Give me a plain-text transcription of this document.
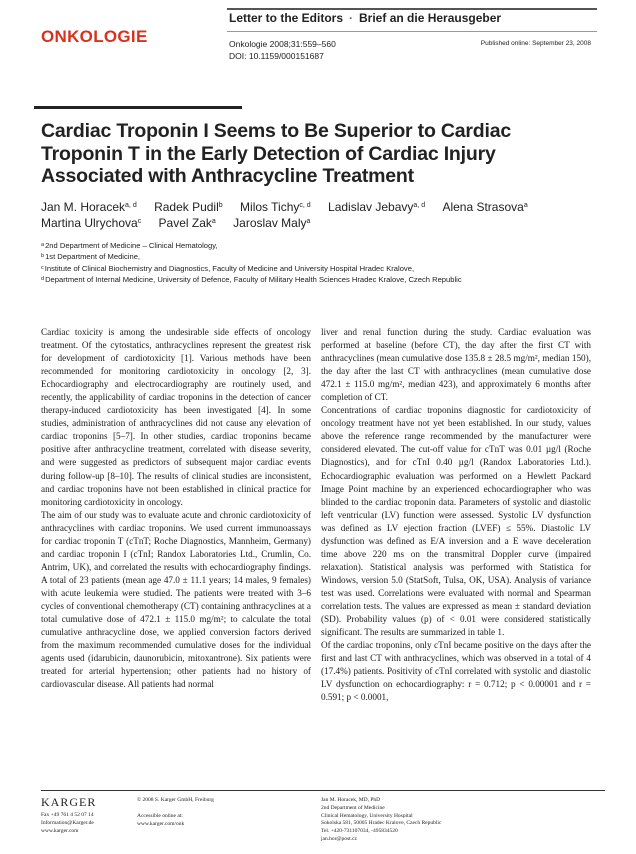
ONKOLOGIE
Letter to the Editors · Brief an die Herausgeber
Onkologie 2008;31:559–560
DOI: 10.1159/000151687
Published online: September 23, 2008
Cardiac Troponin I Seems to Be Superior to Cardiac Troponin T in the Early Detection of Cardiac Injury Associated with Anthracycline Treatment
Jan M. Horacek$^{a, d}$ Radek Pudil$^b$ Milos Tichy$^{c, d}$ Ladislav Jebavy$^{a, d}$ Alena Strasova$^a$ Martina Ulrychova$^c$ Pavel Zak$^a$ Jaroslav Maly$^a$
$^a$2nd Department of Medicine – Clinical Hematology,
$^b$1st Department of Medicine,
$^c$Institute of Clinical Biochemistry and Diagnostics, Faculty of Medicine and University Hospital Hradec Kralove,
$^d$Department of Internal Medicine, University of Defence, Faculty of Military Health Sciences Hradec Kralove, Czech Republic

Cardiac toxicity is among the undesirable side effects of oncology treatment. Of the cytostatics, anthracyclines represent the greatest risk for development of cardiotoxicity [1]. Various methods have been recommended for monitoring cardiotoxicity in oncology [2, 3]. Echocardiography and electrocardiography are routinely used, and recently, the applicability of cardiac troponins in the detection of cancer therapy-induced cardiotoxicity has been investigated [4]. In some studies, administration of anthracyclines did not cause any elevation of cardiac troponins [5–7]. In other studies, cardiac troponins became positive after anthracycline treatment, correlated with disease severity, and were suggested as predictors of subsequent major cardiac events during follow-up [8–10]. The results of clinical studies are inconsistent, and cardiac troponins have not been established in clinical practice for monitoring cardiotoxicity in oncology.

The aim of our study was to evaluate acute and chronic cardiotoxicity of anthracyclines with cardiac troponins. We used current immunoassays for cardiac troponin T (cTnT; Roche Diagnostics, Mannheim, Germany) and cardiac troponin I (cTnI; Randox Laboratories Ltd., Crumlin, Co. Antrim, UK), and correlated the results with echocardiography findings. A total of 23 patients (mean age 47.0 ± 11.1 years; 14 males, 9 females) with acute leukemia were studied. The patients were treated with 3–6 cycles of conventional chemotherapy (CT) containing anthracyclines at a total cumulative dose of 472.1 ± 115.0 mg/m²; to calculate the total cumulative anthracycline dose, we applied conversion factors derived from the maximum recommended cumulative doses for the individual agents used (idarubicin, daunorubicin, mitoxantrone). Six patients were treated for arterial hypertension; other patients had no history of cardiovascular disease. All patients had normal

liver and renal function during the study. Cardiac evaluation was performed at baseline (before CT), the day after the first CT with anthracyclines (mean cumulative dose 135.8 ± 28.5 mg/m², median 150), the day after the last CT with anthracyclines (mean cumulative dose 472.1 ± 115.0 mg/m², median 423), and approximately 6 months after completion of CT.

Concentrations of cardiac troponins diagnostic for cardiotoxicity of oncology treatment have not yet been established. In our study, values above the reference range recommended by the manufacturer were considered elevated. The cut-off value for cTnT was 0.01 µg/l (Roche Diagnostics), and for cTnI 0.40 µg/l (Randox Laboratories Ltd.). Echocardiographic evaluation was performed on a Hewlett Packard Image Point machine by an experienced echocardiographer who was blinded to the cardiac troponin data. Parameters of systolic and diastolic left ventricular (LV) function were assessed. Systolic LV dysfunction was defined as LV ejection fraction (LVEF) ≤ 55%. Diastolic LV dysfunction was defined as E/A inversion and a E wave deceleration time above 220 ms on the transmitral Doppler curve (impaired relaxation). Statistical analysis was performed with Statistica for Windows, version 5.0 (StatSoft, Tulsa, OK, USA). Analysis of variance test was used. Correlations were evaluated with normal and Spearman correlation tests. The values are expressed as mean ± standard deviation (SD). Probability values (p) of < 0.01 were considered statistically significant. The results are summarized in table 1.

Of the cardiac troponins, only cTnI became positive on the days after the first and last CT with anthracyclines, which was observed in a total of 4 (17.4%) patients. Positivity of cTnI correlated with systolic and diastolic LV dysfunction on echocardiography: r = 0.712; p < 0.00001 and r = 0.591; p < 0.0001,

KARGER
Fax +49 761 4 52 07 14
Information@Karger.de
www.karger.com
© 2008 S. Karger GmbH, Freiburg
Accessible online at:
www.karger.com/onk
Jan M. Horacek, MD, PhD
2nd Department of Medicine
Clinical Hematology, University Hospital
Sokolska 581, 50005 Hradec Kralove, Czech Republic
Tel. +420-731107034, -495834520
jan.hor@post.cz
